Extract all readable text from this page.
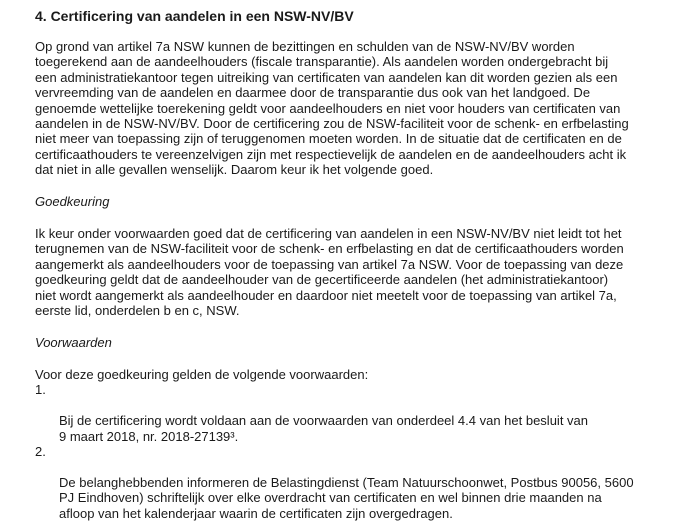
4. Certificering van aandelen in een NSW-NV/BV

Op grond van artikel 7a NSW kunnen de bezittingen en schulden van de NSW-NV/BV worden
toegerekend aan de aandeelhouders (fiscale transparantie). Als aandelen worden ondergebracht bij
een administratiekantoor tegen uitreiking van certificaten van aandelen kan dit worden gezien als een
vervreemding van de aandelen en daarmee door de transparantie dus ook van het landgoed. De
genoemde wettelijke toerekening geldt voor aandeelhouders en niet voor houders van certificaten van
aandelen in de NSW-NV/BV. Door de certificering zou de NSW-faciliteit voor de schenk- en erfbelasting
niet meer van toepassing zijn of teruggenomen moeten worden. In de situatie dat de certificaten en de
certificaathouders te vereenzelvigen zijn met respectievelijk de aandelen en de aandeelhouders acht ik
dat niet in alle gevallen wenselijk. Daarom keur ik het volgende goed.

Goedkeuring

Ik keur onder voorwaarden goed dat de certificering van aandelen in een NSW-NV/BV niet leidt tot het
terugnemen van de NSW-faciliteit voor de schenk- en erfbelasting en dat de certificaathouders worden
aangemerkt als aandeelhouders voor de toepassing van artikel 7a NSW. Voor de toepassing van deze
goedkeuring geldt dat de aandeelhouder van de gecertificeerde aandelen (het administratiekantoor)
niet wordt aangemerkt als aandeelhouder en daardoor niet meetelt voor de toepassing van artikel 7a,
eerste lid, onderdelen b en c, NSW.

Voorwaarden

Voor deze goedkeuring gelden de volgende voorwaarden:

1.

Bij de certificering wordt voldaan aan de voorwaarden van onderdeel 4.4 van het besluit van
9 maart 2018, nr. 2018-27139³.

2.

De belanghebbenden informeren de Belastingdienst (Team Natuurschoonwet, Postbus 90056, 5600
PJ Eindhoven) schriftelijk over elke overdracht van certificaten en wel binnen drie maanden na
afloop van het kalenderjaar waarin de certificaten zijn overgedragen.
